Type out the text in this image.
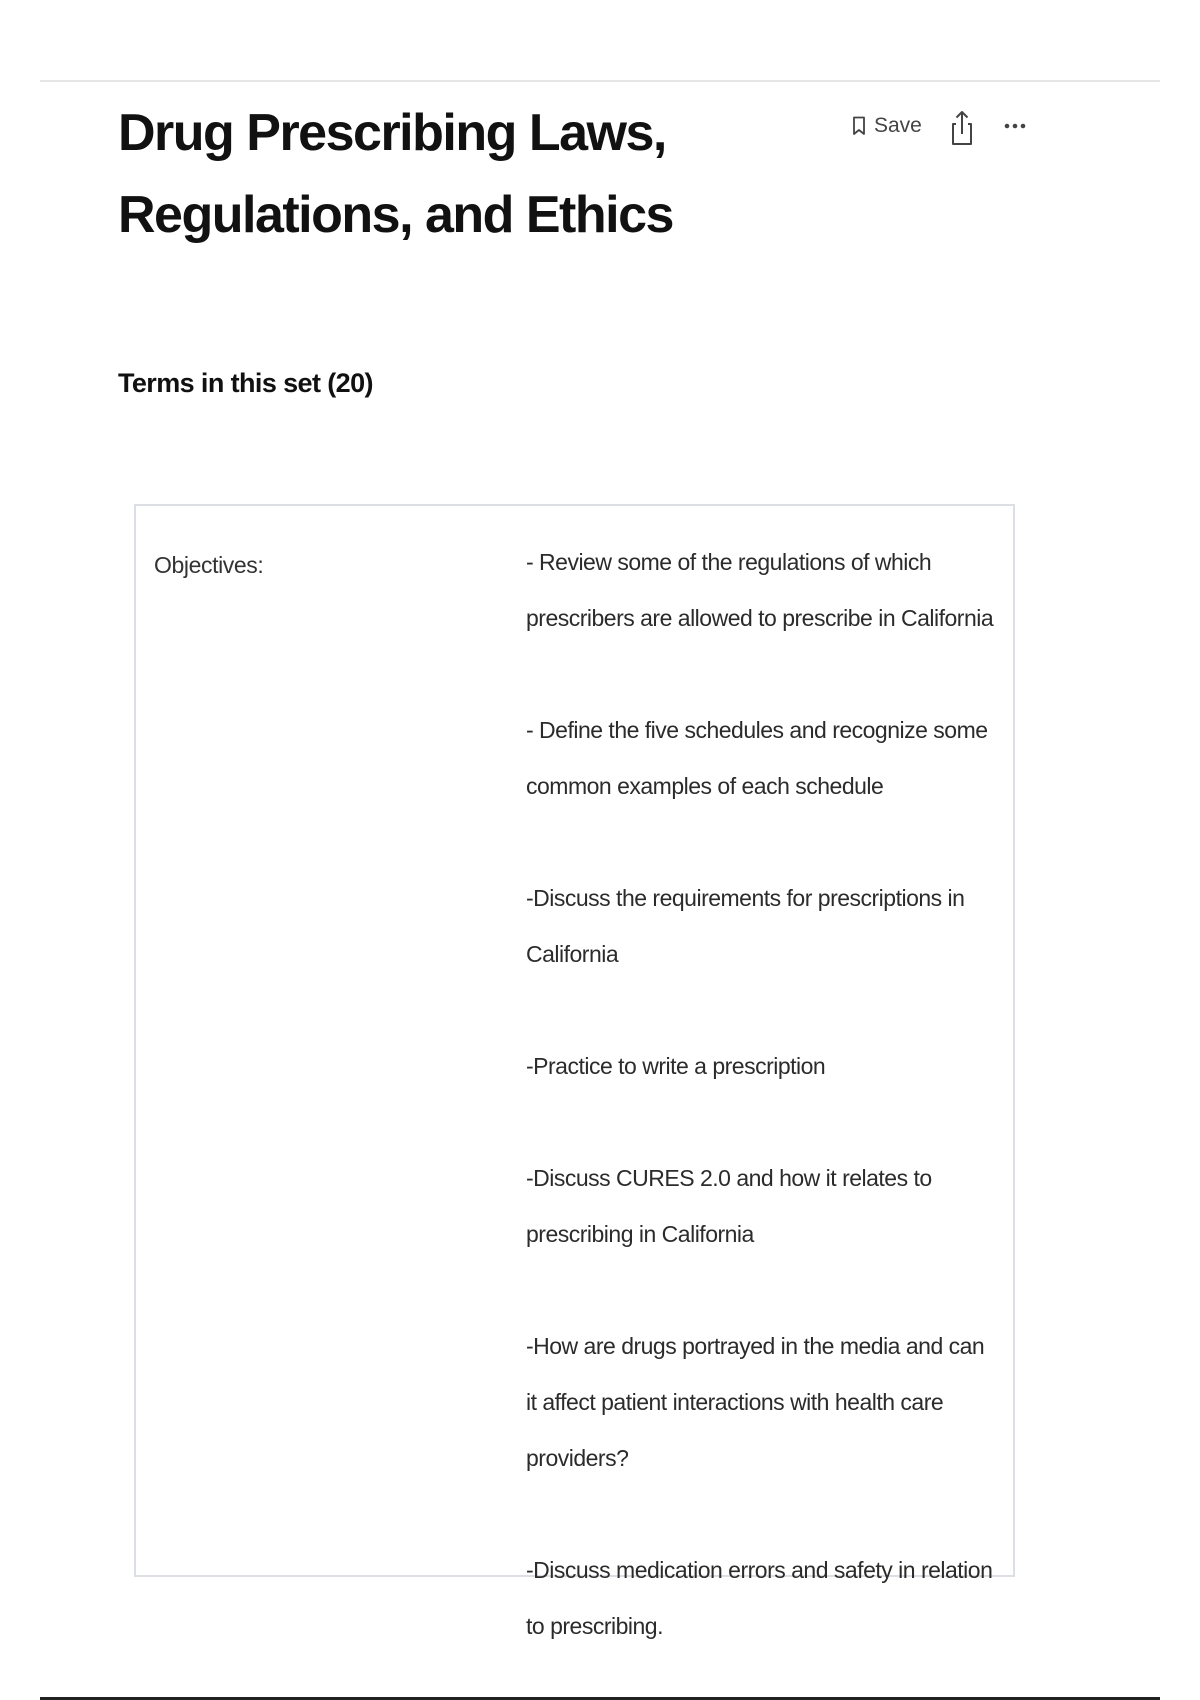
Drug Prescribing Laws, Regulations, and Ethics
Save
Terms in this set (20)
Objectives:	- Review some of the regulations of which prescribers are allowed to prescribe in California
- Define the five schedules and recognize some common examples of each schedule
-Discuss the requirements for prescriptions in California
-Practice to write a prescription
-Discuss CURES 2.0 and how it relates to prescribing in California
-How are drugs portrayed in the media and can it affect patient interactions with health care providers?
-Discuss medication errors and safety in relation to prescribing.
